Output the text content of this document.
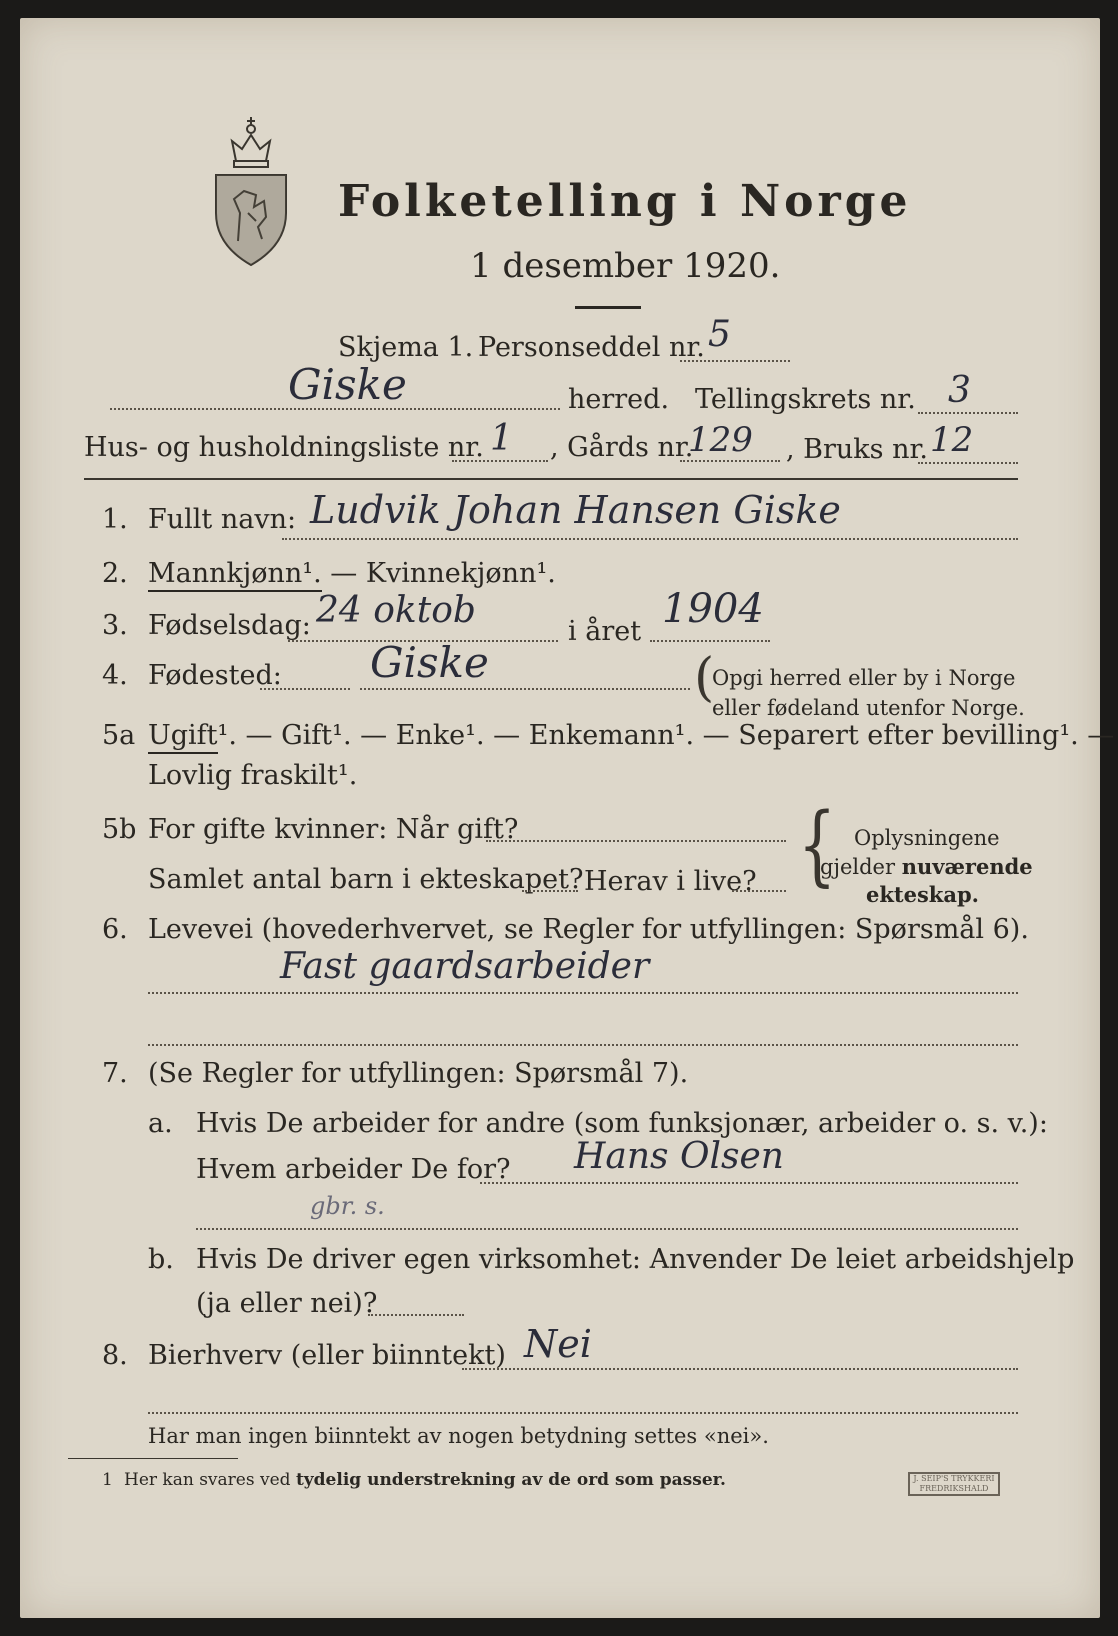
Folketelling i Norge
1 desember 1920.
Skjema 1. Personseddel nr. 5
Giske	herred. Tellingskrets nr. 3
Hus- og husholdningsliste nr. 1 , Gårds nr.
129 , Bruks nr. 12
1. Fullt navn: Ludvik Johan Hansen Giske
2. Mannkjønn¹. — Kvinnekjønn¹.
3. Fødselsdag: 24 oktob
i året 1904
4. Fødested: Giske	(
Opgi herred eller by i Norge
eller fødeland utenfor Norge.
5a Ugift¹. — Gift¹. — Enke¹. — Enkemann¹. — Separert efter bevilling¹. —
Lovlig fraskilt¹.
5b For gifte kvinner: Når gift?
Samlet antal barn i ekteskapet? Herav i live? { Oplysningene
gjelder nuværende
ekteskap.
6. Levevei (hovederhvervet, se Regler for utfyllingen: Spørsmål 6).
Fast gaardsarbeider
7. (Se Regler for utfyllingen: Spørsmål 7).
a. Hvis De arbeider for andre (som funksjonær, arbeider o. s. v.):
Hvem arbeider De for? Hans Olsen
gbr. s.
b. Hvis De driver egen virksomhet: Anvender De leiet arbeidshjelp
(ja eller nei)?
8. Bierhverv (eller biinntekt) Nei
Har man ingen biinntekt av nogen betydning settes «nei».
1 Her kan svares ved tydelig understrekning av de ord som passer.	J. SEIP'S TRYKKERI
FREDRIKSHALD
